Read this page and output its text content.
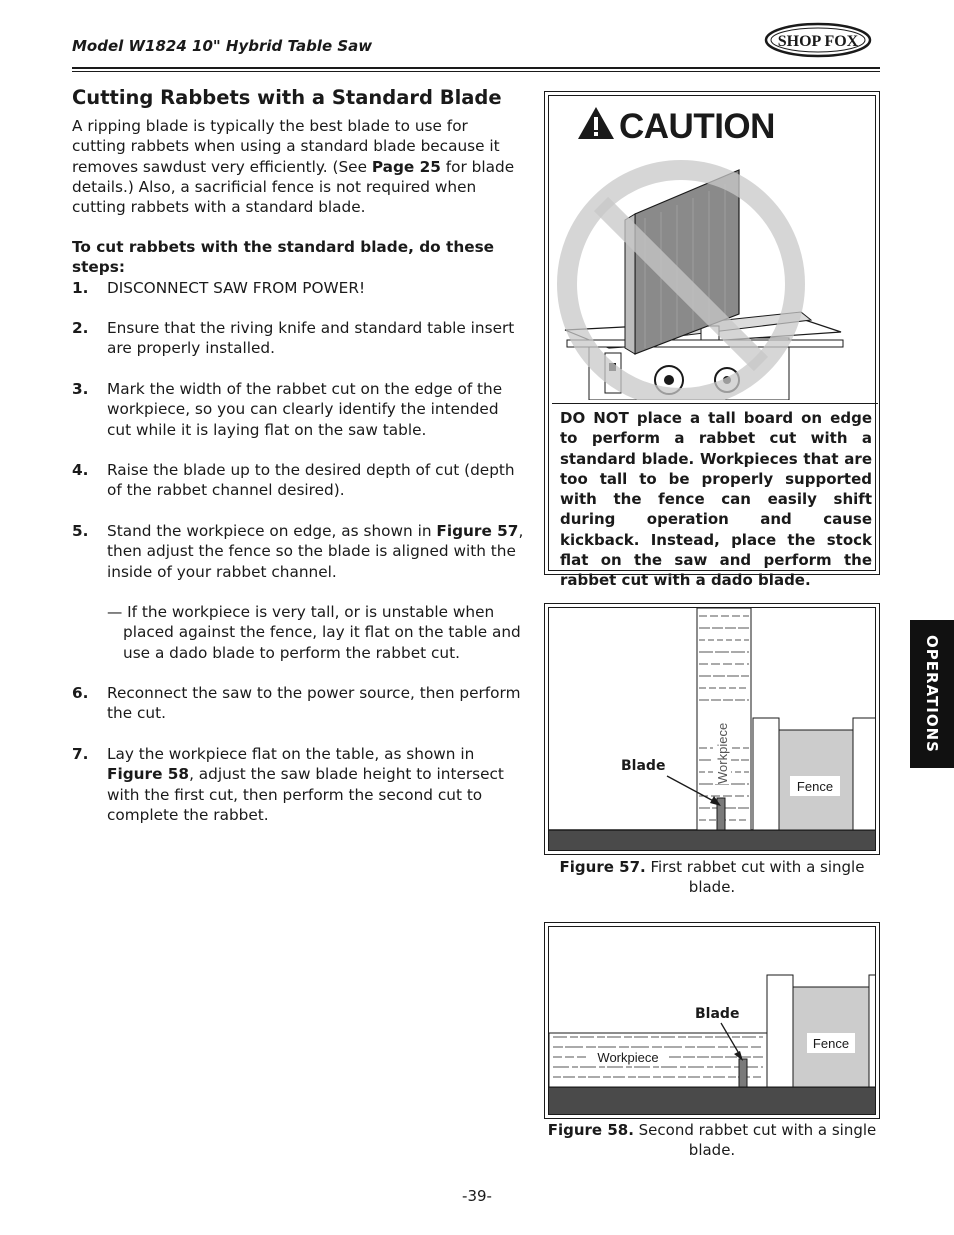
Model W1824 10" Hybrid Table Saw	SHOP FOX
Cutting Rabbets with a Standard Blade
A ripping blade is typically the best blade to use for cutting rabbets when using a standard blade because it removes sawdust very efficiently. (See Page 25 for blade details.) Also, a sacrificial fence is not required when cutting rabbets with a standard blade.
To cut rabbets with the standard blade, do these steps:
1. DISCONNECT SAW FROM POWER!
2. Ensure that the riving knife and standard table insert are properly installed.
3. Mark the width of the rabbet cut on the edge of the workpiece, so you can clearly identify the intended cut while it is laying flat on the saw table.
4. Raise the blade up to the desired depth of cut (depth of the rabbet channel desired).
5. Stand the workpiece on edge, as shown in Figure 57, then adjust the fence so the blade is aligned with the inside of your rabbet channel.
— If the workpiece is very tall, or is unstable when placed against the fence, lay it flat on the table and use a dado blade to perform the rabbet cut.
6. Reconnect the saw to the power source, then perform the cut.
7. Lay the workpiece flat on the table, as shown in Figure 58, adjust the saw blade height to intersect with the first cut, then perform the second cut to complete the rabbet.
CAUTION
DO NOT place a tall board on edge to perform a rabbet cut with a standard blade. Workpieces that are too tall to be properly supported with the fence can easily shift during operation and cause kickback. Instead, place the stock flat on the saw and perform the rabbet cut with a dado blade.
Blade
Fence
Workpiece
Figure 57. First rabbet cut with a single blade.
Blade
Fence
Workpiece
Figure 58. Second rabbet cut with a single blade.
OPERATIONS
-39-
